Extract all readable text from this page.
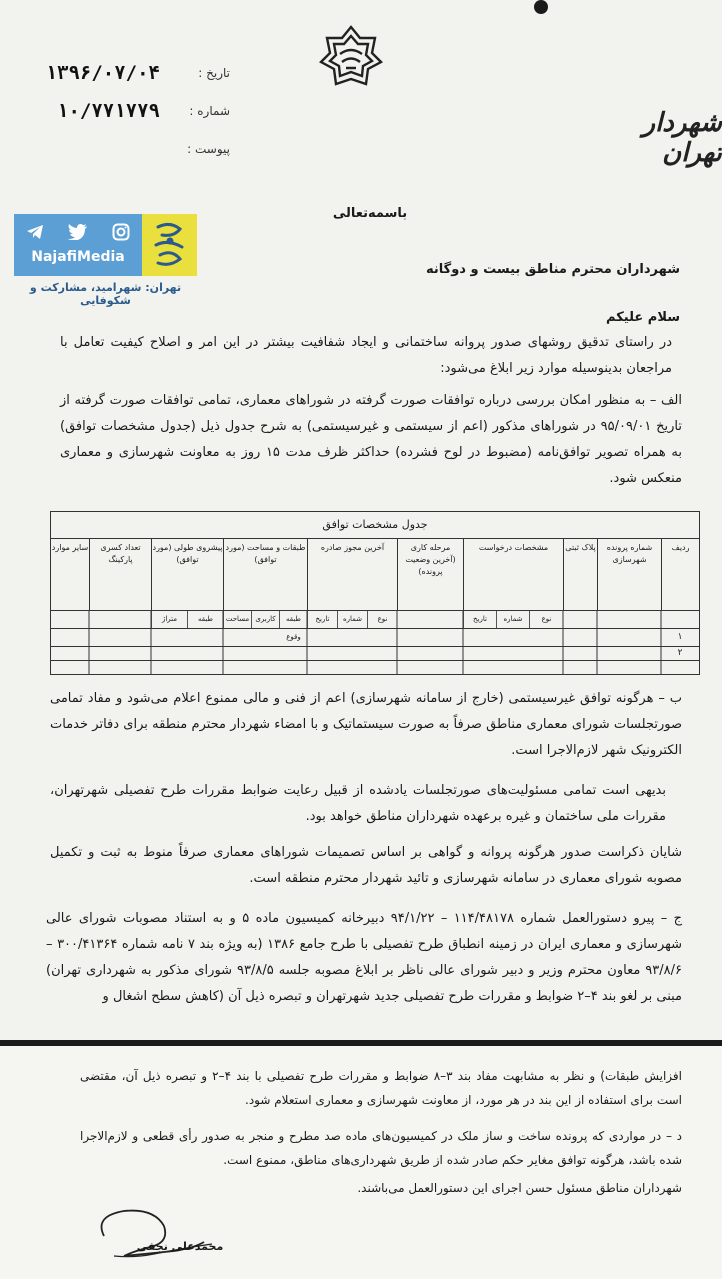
تاریخ :
۱۳۹۶/۰۷/۰۴
شماره :
۱۰/۷۷۱۷۷۹
پیوست :
شهردار تهران
NajafiMedia
تهران: شهرامید، مشارکت و شکوفایی
باسمه‌تعالی
شهرداران محترم مناطق بیست و دوگانه
سلام علیکم
در راستای تدقیق روشهای صدور پروانه ساختمانی و ایجاد شفافیت بیشتر در این امر و اصلاح کیفیت تعامل با مراجعان بدینوسیله موارد زیر ابلاغ می‌شود:
الف – به منظور امکان بررسی درباره توافقات صورت گرفته در شوراهای معماری، تمامی توافقات صورت گرفته از تاریخ ۹۵/۰۹/۰۱ در شوراهای مذکور (اعم از سیستمی و غیرسیستمی) به شرح جدول ذیل (جدول مشخصات توافق) به همراه تصویر توافق‌نامه (مضبوط در لوح فشرده) حداکثر ظرف مدت ۱۵ روز به معاونت شهرسازی و معماری منعکس شود.
جدول مشخصات توافق
ردیف
شماره پرونده شهرسازی
پلاک ثبتی
مشخصات درخواست
مرحله کاری (آخرین وضعیت پرونده)
آخرین مجوز صادره
طبقات و مساحت (مورد توافق)
پیشروی طولی (مورد توافق)
تعداد کسری پارکینگ
سایر موارد
نوع
شماره
تاریخ
نوع
شماره
تاریخ
طبقه وقوع
کاربری
مساحت
طبقه
متراژ
۱
۲
ب – هرگونه توافق غیرسیستمی (خارج از سامانه شهرسازی) اعم از فنی و مالی ممنوع اعلام می‌شود و مفاد تمامی صورتجلسات شورای معماری مناطق صرفاً به صورت سیستماتیک و با امضاء شهردار محترم منطقه برای دفاتر خدمات الکترونیک شهر لازم‌الاجرا است.
بدیهی است تمامی مسئولیت‌های صورتجلسات یادشده از قبیل رعایت ضوابط مقررات طرح تفصیلی شهرتهران، مقررات ملی ساختمان و غیره برعهده شهرداران مناطق خواهد بود.
شایان ذکراست صدور هرگونه پروانه و گواهی بر اساس تصمیمات شوراهای معماری صرفاً منوط به ثبت و تکمیل مصوبه شورای معماری در سامانه شهرسازی و تائید شهردار محترم منطقه است.
ج – پیرو دستورالعمل شماره ۱۱۴/۴۸۱۷۸ – ۹۴/۱/۲۲ دبیرخانه کمیسیون ماده ۵ و به استناد مصوبات شورای عالی شهرسازی و معماری ایران در زمینه انطباق طرح تفصیلی با طرح جامع ۱۳۸۶ (به ویژه بند ۷ نامه شماره ۳۰۰/۴۱۳۶۴ – ۹۳/۸/۶ معاون محترم وزیر و دبیر شورای عالی ناظر بر ابلاغ مصوبه جلسه ۹۳/۸/۵ شورای مذکور به شهرداری تهران) مبنی بر لغو بند ۴–۲ ضوابط و مقررات طرح تفصیلی جدید شهرتهران و تبصره ذیل آن (کاهش سطح اشغال و
افزایش طبقات) و نظر به مشابهت مفاد بند ۳–۸ ضوابط و مقررات طرح تفصیلی با بند ۴–۲ و تبصره ذیل آن، مقتضی است برای استفاده از این بند در هر مورد، از معاونت شهرسازی و معماری استعلام شود.
د – در مواردی که پرونده ساخت و ساز ملک در کمیسیون‌های ماده صد مطرح و منجر به صدور رأی قطعی و لازم‌الاجرا شده باشد، هرگونه توافق مغایر حکم صادر شده از طریق شهرداری‌های مناطق، ممنوع است.
شهرداران مناطق مسئول حسن اجرای این دستورالعمل می‌باشند.
محمدعلی نجفی
